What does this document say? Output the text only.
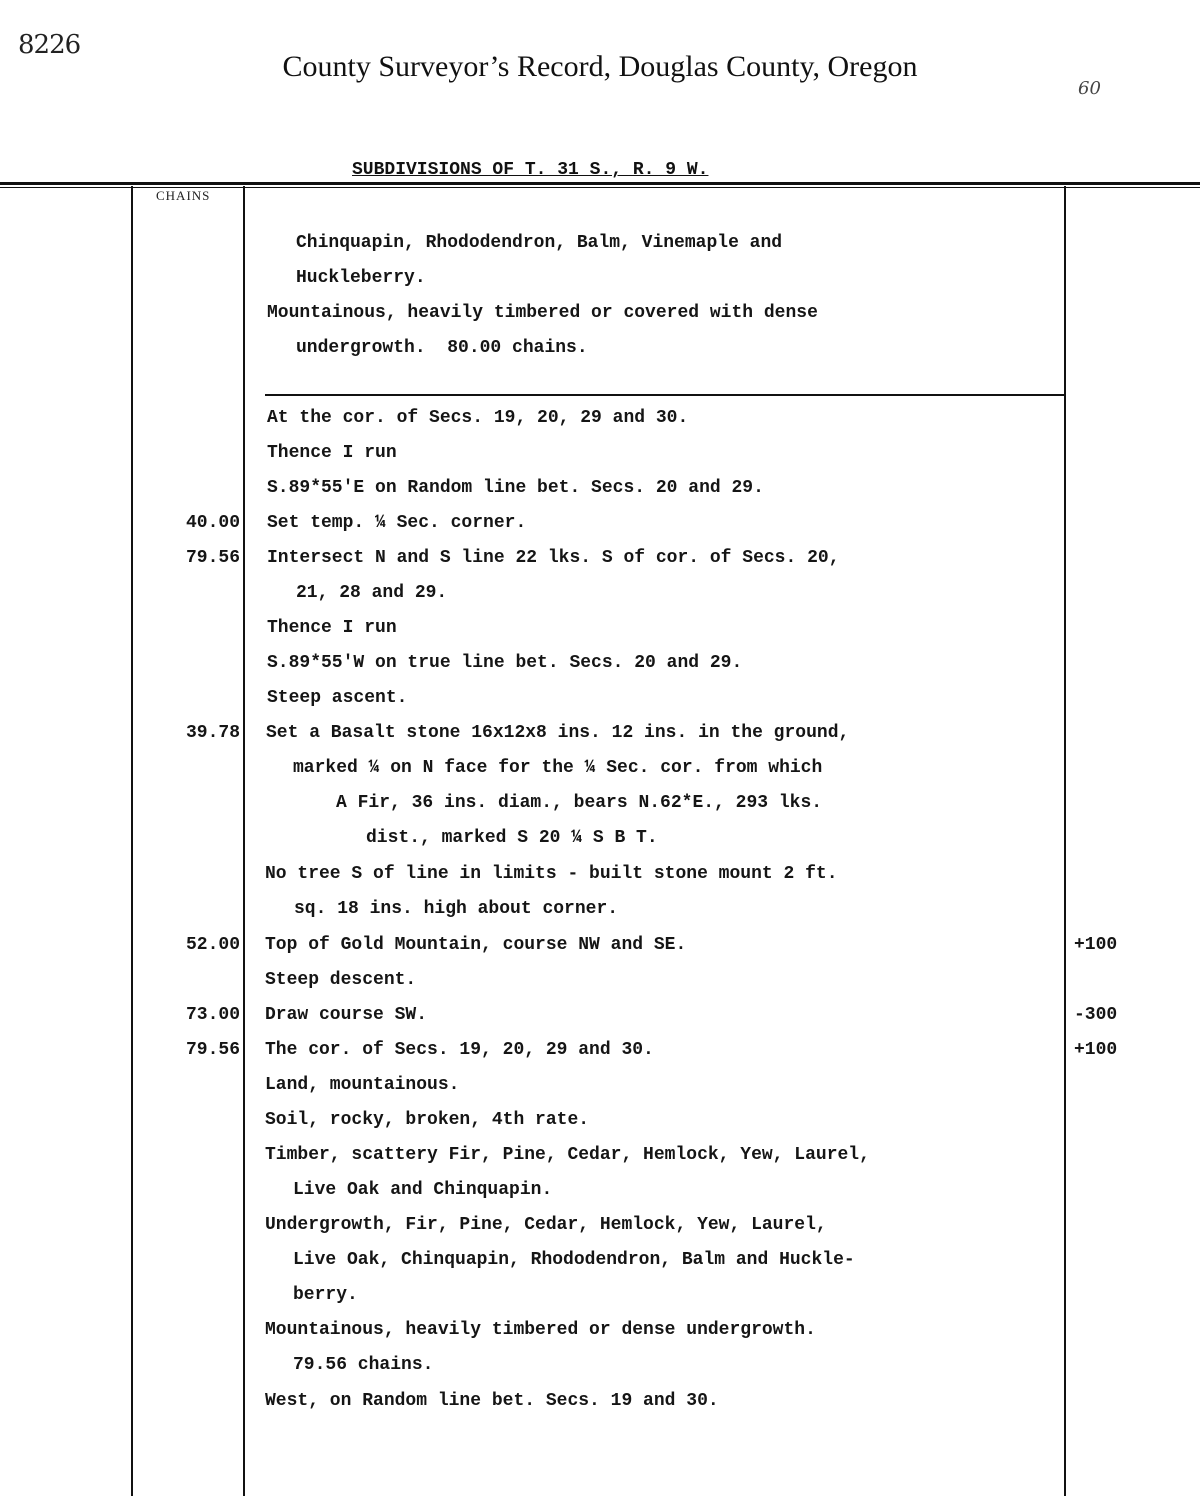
8226
County Surveyor’s Record, Douglas County, Oregon
60
SUBDIVISIONS OF T. 31 S., R. 9 W.
CHAINS
Chinquapin, Rhododendron, Balm, Vinemaple and
Huckleberry.
Mountainous, heavily timbered or covered with dense
undergrowth.  80.00 chains.
At the cor. of Secs. 19, 20, 29 and 30.
Thence I run
S.89*55'E on Random line bet. Secs. 20 and 29.
40.00 Set temp. ¼ Sec. corner.
79.56 Intersect N and S line 22 lks. S of cor. of Secs. 20,
21, 28 and 29.
Thence I run
S.89*55'W on true line bet. Secs. 20 and 29.
Steep ascent.
39.78 Set a Basalt stone 16x12x8 ins. 12 ins. in the ground,
marked ¼ on N face for the ¼ Sec. cor. from which
A Fir, 36 ins. diam., bears N.62*E., 293 lks.
dist., marked S 20 ¼ S B T.
No tree S of line in limits - built stone mount 2 ft.
sq. 18 ins. high about corner.
52.00 Top of Gold Mountain, course NW and SE.	+100
Steep descent.
73.00 Draw course SW.	-300
79.56 The cor. of Secs. 19, 20, 29 and 30.	+100
Land, mountainous.
Soil, rocky, broken, 4th rate.
Timber, scattery Fir, Pine, Cedar, Hemlock, Yew, Laurel,
Live Oak and Chinquapin.
Undergrowth, Fir, Pine, Cedar, Hemlock, Yew, Laurel,
Live Oak, Chinquapin, Rhododendron, Balm and Huckle-
berry.
Mountainous, heavily timbered or dense undergrowth.
79.56 chains.
West, on Random line bet. Secs. 19 and 30.
